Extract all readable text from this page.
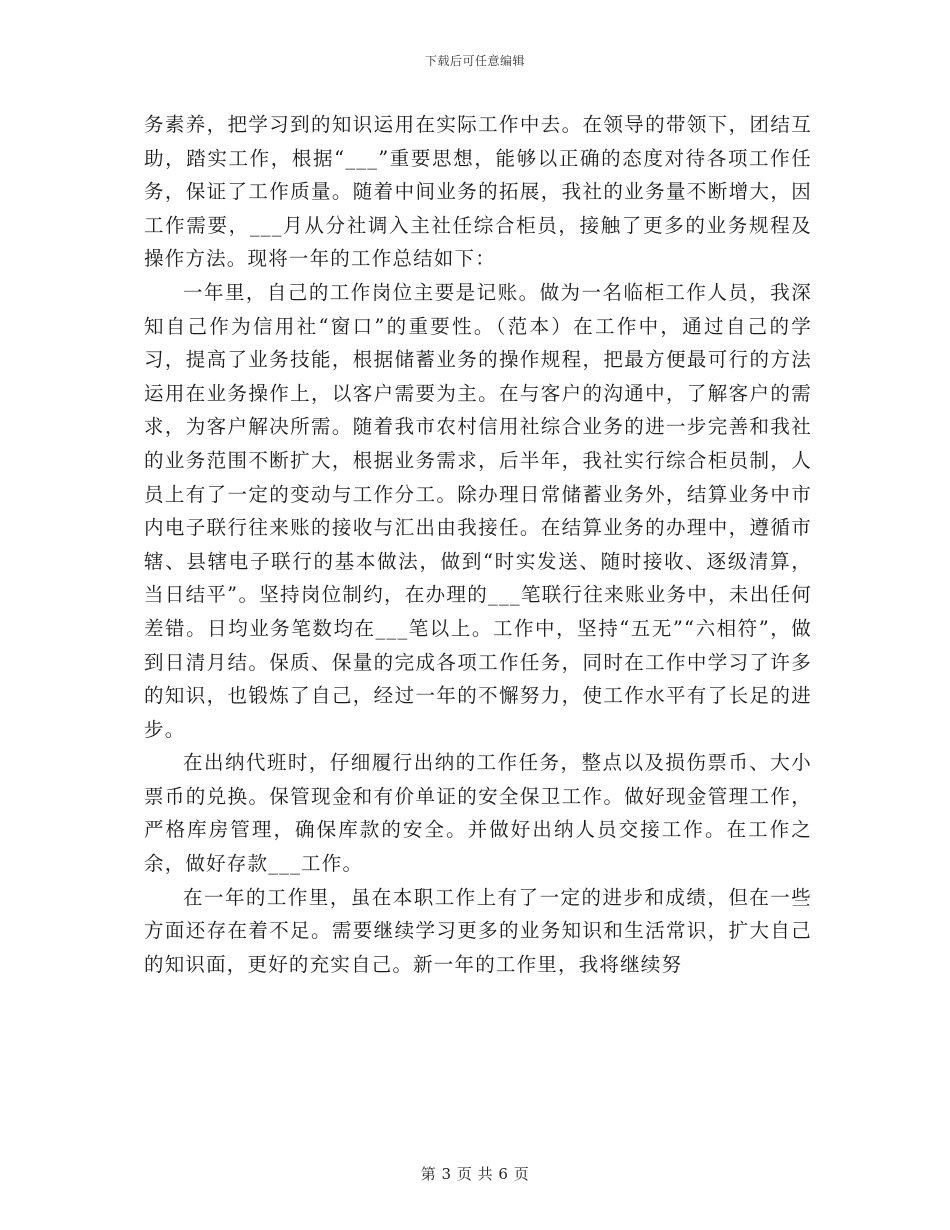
下载后可任意编辑

务素养，把学习到的知识运用在实际工作中去。在领导的带领下，团结互助，踏实工作，根据“___”重要思想，能够以正确的态度对待各项工作任务，保证了工作质量。随着中间业务的拓展，我社的业务量不断增大，因工作需要，___月从分社调入主社任综合柜员，接触了更多的业务规程及操作方法。现将一年的工作总结如下：

一年里，自己的工作岗位主要是记账。做为一名临柜工作人员，我深知自己作为信用社“窗口”的重要性。（范本）在工作中，通过自己的学习，提高了业务技能，根据储蓄业务的操作规程，把最方便最可行的方法运用在业务操作上，以客户需要为主。在与客户的沟通中，了解客户的需求，为客户解决所需。随着我市农村信用社综合业务的进一步完善和我社的业务范围不断扩大，根据业务需求，后半年，我社实行综合柜员制，人员上有了一定的变动与工作分工。除办理日常储蓄业务外，结算业务中市内电子联行往来账的接收与汇出由我接任。在结算业务的办理中，遵循市辖、县辖电子联行的基本做法，做到“时实发送、随时接收、逐级清算，当日结平”。坚持岗位制约，在办理的___笔联行往来账业务中，未出任何差错。日均业务笔数均在___笔以上。工作中，坚持“五无”“六相符”，做到日清月结。保质、保量的完成各项工作任务，同时在工作中学习了许多的知识，也锻炼了自己，经过一年的不懈努力，使工作水平有了长足的进步。

在出纳代班时，仔细履行出纳的工作任务，整点以及损伤票币、大小票币的兑换。保管现金和有价单证的安全保卫工作。做好现金管理工作，严格库房管理，确保库款的安全。并做好出纳人员交接工作。在工作之余，做好存款___工作。

在一年的工作里，虽在本职工作上有了一定的进步和成绩，但在一些方面还存在着不足。需要继续学习更多的业务知识和生活常识，扩大自己的知识面，更好的充实自己。新一年的工作里，我将继续努

第 3 页 共 6 页
